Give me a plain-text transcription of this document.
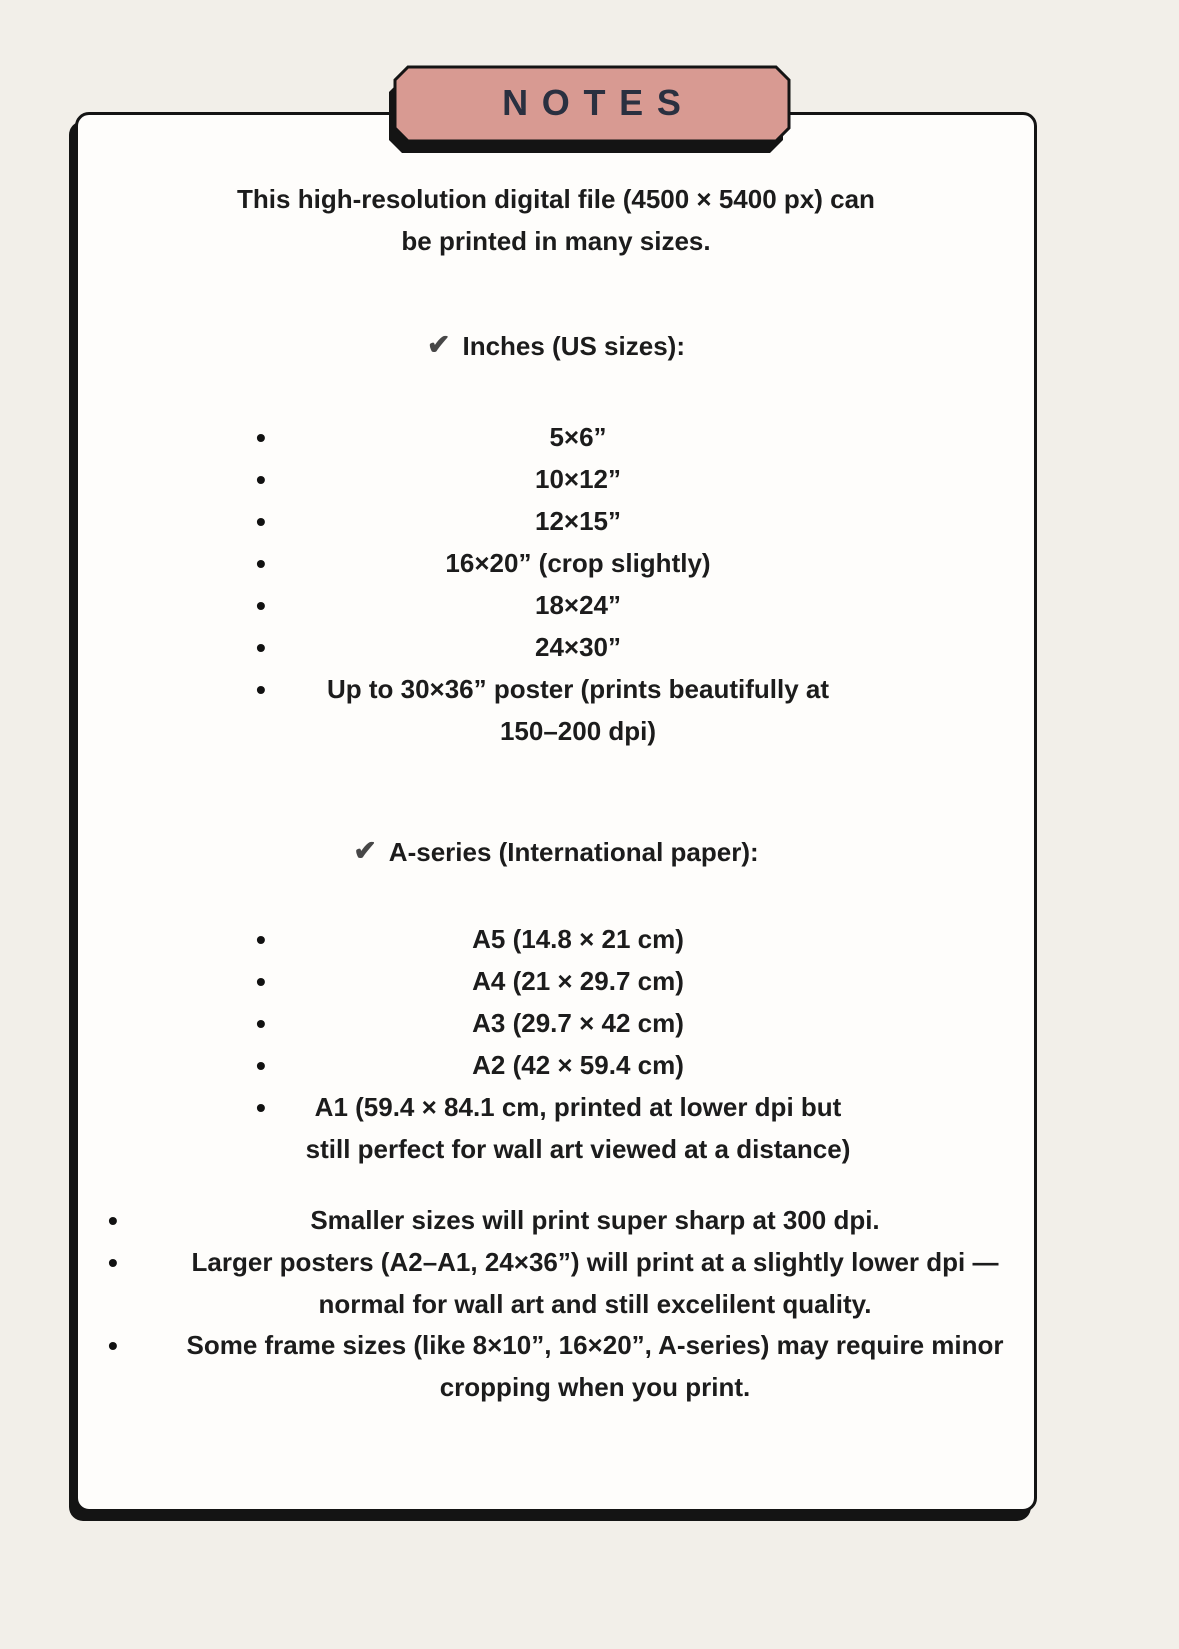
This high-resolution digital file (4500 × 5400 px) can be printed in many sizes.

✔ Inches (US sizes):
•	5×6”
•	10×12”
•	12×15”
•	16×20” (crop slightly)
•	18×24”
•	24×30”
•	Up to 30×36” poster (prints beautifully at 150–200 dpi)
✔ A-series (International paper):
•	A5 (14.8 × 21 cm)
•	A4 (21 × 29.7 cm)
•	A3 (29.7 × 42 cm)
•	A2 (42 × 59.4 cm)
•	A1 (59.4 × 84.1 cm, printed at lower dpi but still perfect for wall art viewed at a distance)
•	Smaller sizes will print super sharp at 300 dpi.
•	Larger posters (A2–A1, 24×36”) will print at a slightly lower dpi — normal for wall art and still excelilent quality.
•	Some frame sizes (like 8×10”, 16×20”, A-series) may require minor cropping when you print.
NOTES
